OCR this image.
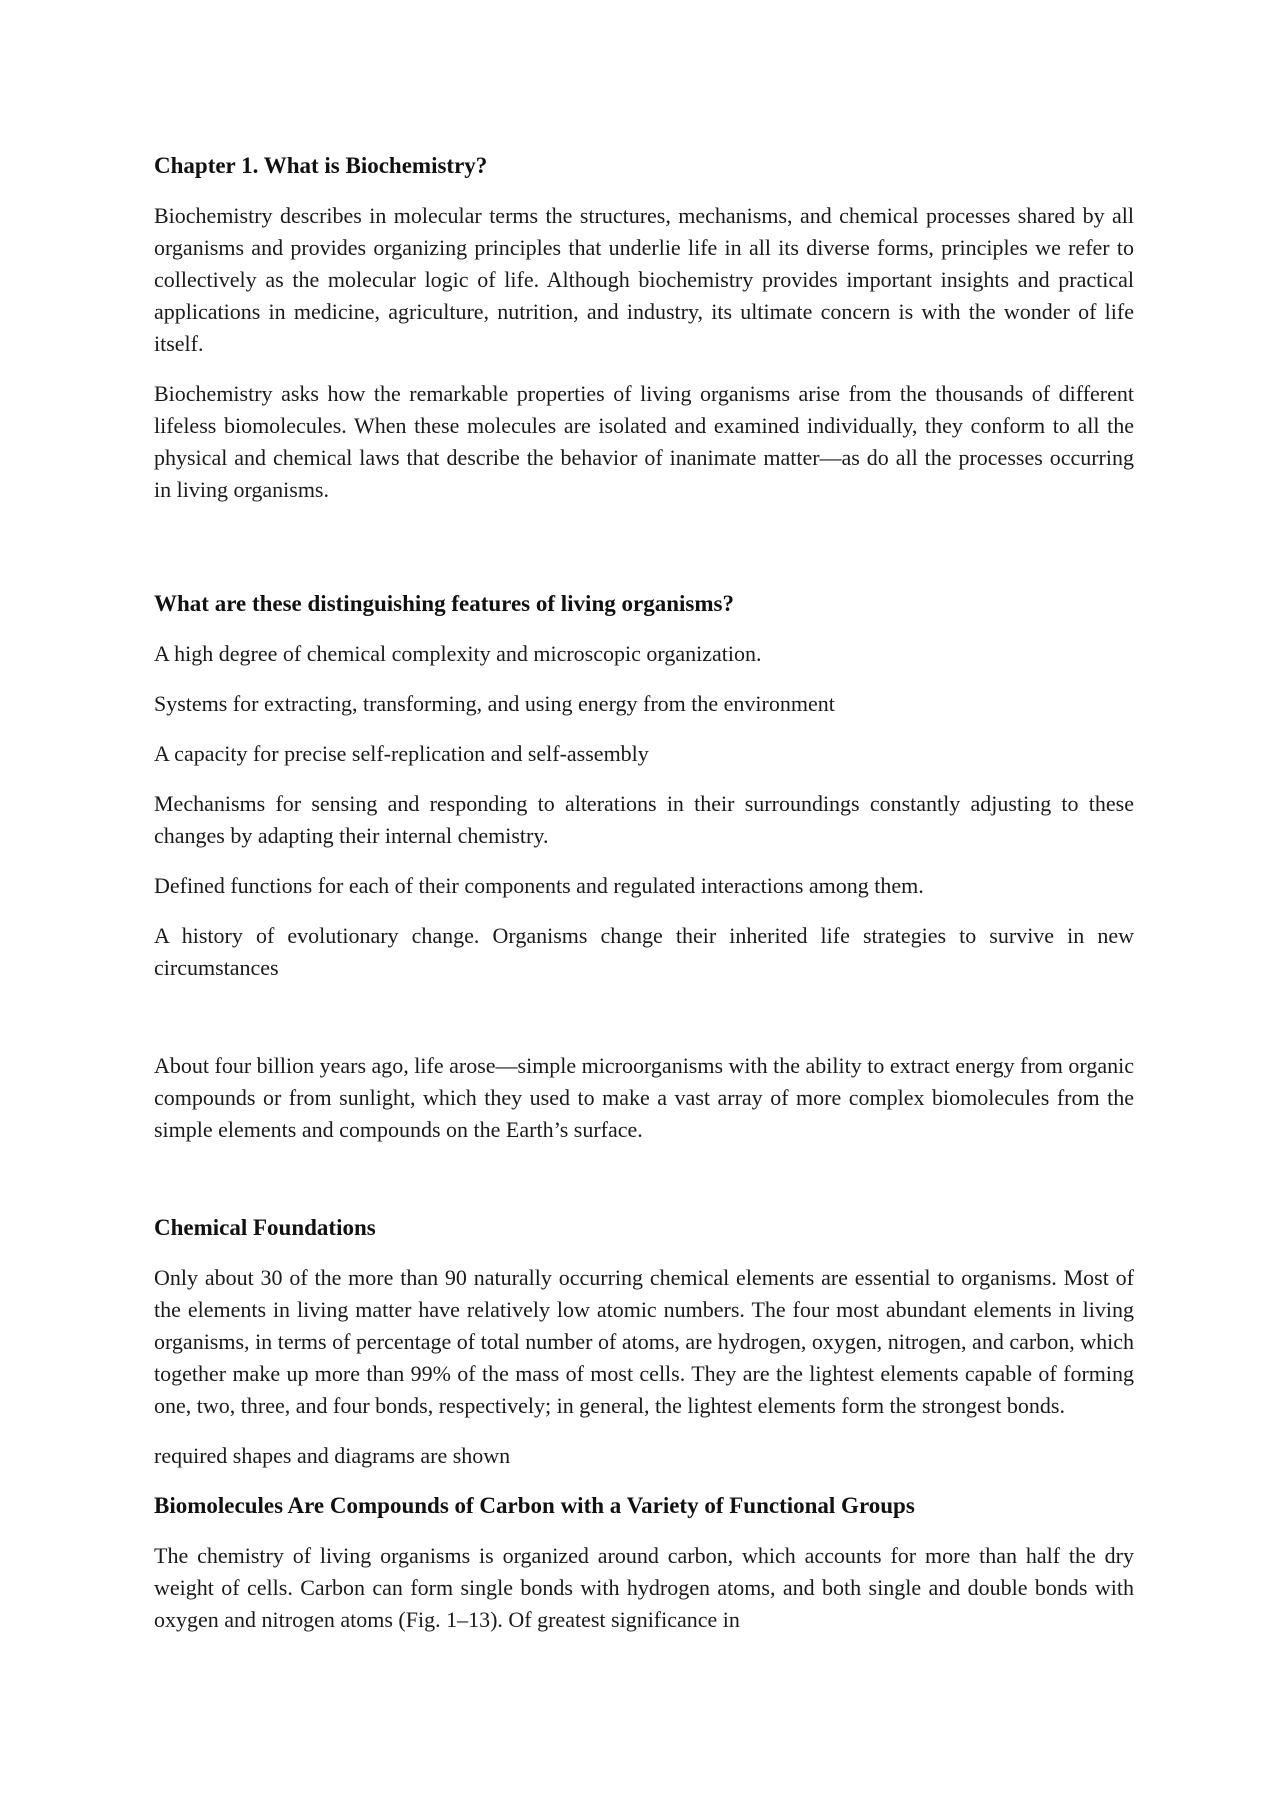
Chapter 1. What is Biochemistry?

Biochemistry describes in molecular terms the structures, mechanisms, and chemical processes shared by all organisms and provides organizing principles that underlie life in all its diverse forms, principles we refer to collectively as the molecular logic of life. Although biochemistry provides important insights and practical applications in medicine, agriculture, nutrition, and industry, its ultimate concern is with the wonder of life itself.

Biochemistry asks how the remarkable properties of living organisms arise from the thousands of different lifeless biomolecules. When these molecules are isolated and examined individually, they conform to all the physical and chemical laws that describe the behavior of inanimate matter—as do all the processes occurring in living organisms.

What are these distinguishing features of living organisms?

A high degree of chemical complexity and microscopic organization.

Systems for extracting, transforming, and using energy from the environment

A capacity for precise self-replication and self-assembly

Mechanisms for sensing and responding to alterations in their surroundings constantly adjusting to these changes by adapting their internal chemistry.

Defined functions for each of their components and regulated interactions among them.

A history of evolutionary change. Organisms change their inherited life strategies to survive in new circumstances

About four billion years ago, life arose—simple microorganisms with the ability to extract energy from organic compounds or from sunlight, which they used to make a vast array of more complex biomolecules from the simple elements and compounds on the Earth’s surface.

Chemical Foundations

Only about 30 of the more than 90 naturally occurring chemical elements are essential to organisms. Most of the elements in living matter have relatively low atomic numbers. The four most abundant elements in living organisms, in terms of percentage of total number of atoms, are hydrogen, oxygen, nitrogen, and carbon, which together make up more than 99% of the mass of most cells. They are the lightest elements capable of forming one, two, three, and four bonds, respectively; in general, the lightest elements form the strongest bonds.

required shapes and diagrams are shown

Biomolecules Are Compounds of Carbon with a Variety of Functional Groups

The chemistry of living organisms is organized around carbon, which accounts for more than half the dry weight of cells. Carbon can form single bonds with hydrogen atoms, and both single and double bonds with oxygen and nitrogen atoms (Fig. 1–13). Of greatest significance in
